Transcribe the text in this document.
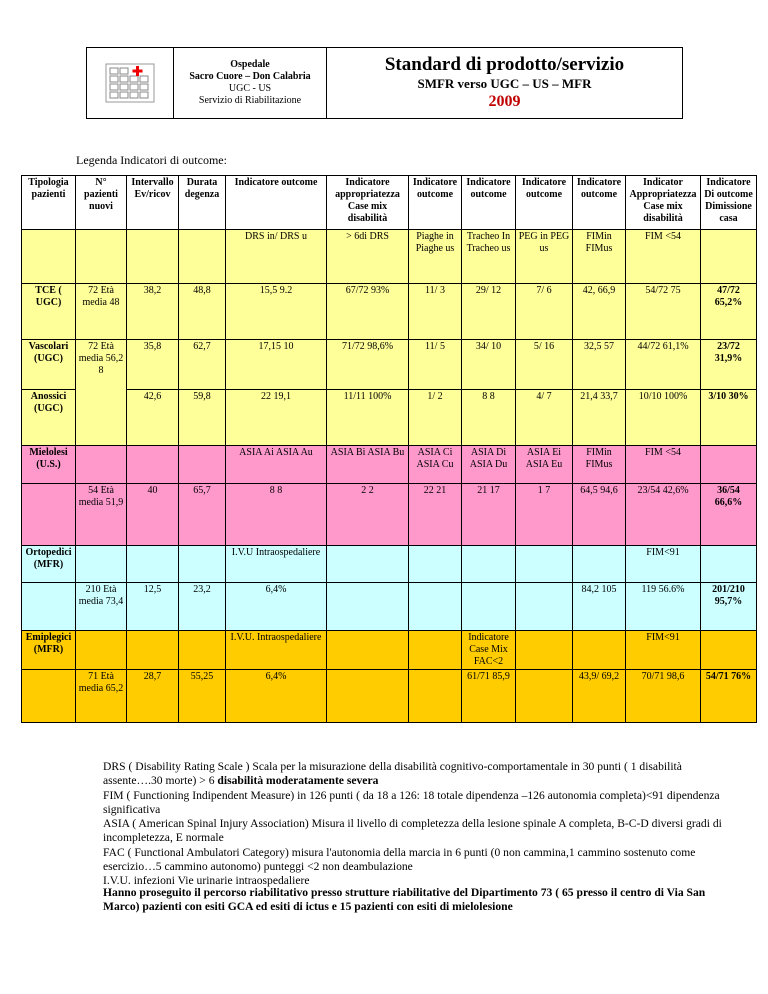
Ospedale
Sacro Cuore – Don Calabria
UGC - US
Servizio di Riabilitazione
Standard di prodotto/servizio
SMFR verso UGC – US – MFR
2009
Legenda Indicatori di outcome:
Tipologia pazienti	N° pazienti nuovi	Intervallo Ev/ricov	Durata degenza	Indicatore outcome	Indicatore appropriatezza Case mix disabilità	Indicatore outcome	Indicatore outcome	Indicatore outcome	Indicatore outcome	Indicator Appropriatezza Case mix disabilità	Indicatore Di outcome Dimissione casa
				DRS in/ DRS u	> 6di DRS	Piaghe in Piaghe us	Tracheo In Tracheo us	PEG in PEG us	FIMin FIMus	FIM <54	
TCE ( UGC)	72 Età media 48	38,2	48,8	15,5 9.2	67/72 93%	11/ 3	29/ 12	7/ 6	42, 66,9	54/72 75	47/72 65,2%
Vascolari (UGC)	72 Età media 56,2 8	35,8	62,7	17,15 10	71/72 98,6%	11/ 5	34/ 10	5/ 16	32,5 57	44/72 61,1%	23/72 31,9%
Anossici (UGC)		42,6	59,8	22 19,1	11/11 100%	1/ 2	8 8	4/ 7	21,4 33,7	10/10 100%	3/10 30%
Mielolesi (U.S.)				ASIA Ai ASIA Au	ASIA Bi ASIA Bu	ASIA Ci ASIA Cu	ASIA Di ASIA Du	ASIA Ei ASIA Eu	FIMin FIMus	FIM <54	
	54 Età media 51,9	40	65,7	8 8	2 2	22 21	21 17	1 7	64,5 94,6	23/54 42,6%	36/54 66,6%
Ortopedici (MFR)				I.V.U Intraospedaliere						FIM<91	
	210 Età media 73,4	12,5	23,2	6,4%					84,2 105	119 56.6%	201/210 95,7%
Emiplegici (MFR)				I.V.U. Intraospedaliere			Indicatore Case Mix FAC<2			FIM<91	
	71 Età media 65,2	28,7	55,25	6,4%			61/71 85,9		43,9/ 69,2	70/71 98,6	54/71 76%
DRS ( Disability Rating Scale ) Scala per la misurazione della disabilità cognitivo-comportamentale in 30 punti ( 1 disabilità assente….30 morte) > 6 disabilità moderatamente severa
FIM ( Functioning Indipendent Measure) in 126 punti ( da 18 a 126: 18 totale dipendenza –126 autonomia completa)<91 dipendenza significativa
ASIA ( American Spinal Injury Association) Misura il livello di completezza della lesione spinale A completa, B-C-D diversi gradi di incompletezza, E normale
FAC ( Functional Ambulatori Category) misura l'autonomia della marcia in 6 punti (0 non cammina,1 cammino sostenuto come esercizio…5 cammino autonomo) punteggi <2 non deambulazione
I.V.U. infezioni Vie urinarie intraospedaliere
Hanno proseguito il percorso riabilitativo presso strutture riabilitative del Dipartimento 73 ( 65 presso il centro di Via San Marco) pazienti con esiti GCA ed esiti di ictus e 15 pazienti con esiti di mielolesione
